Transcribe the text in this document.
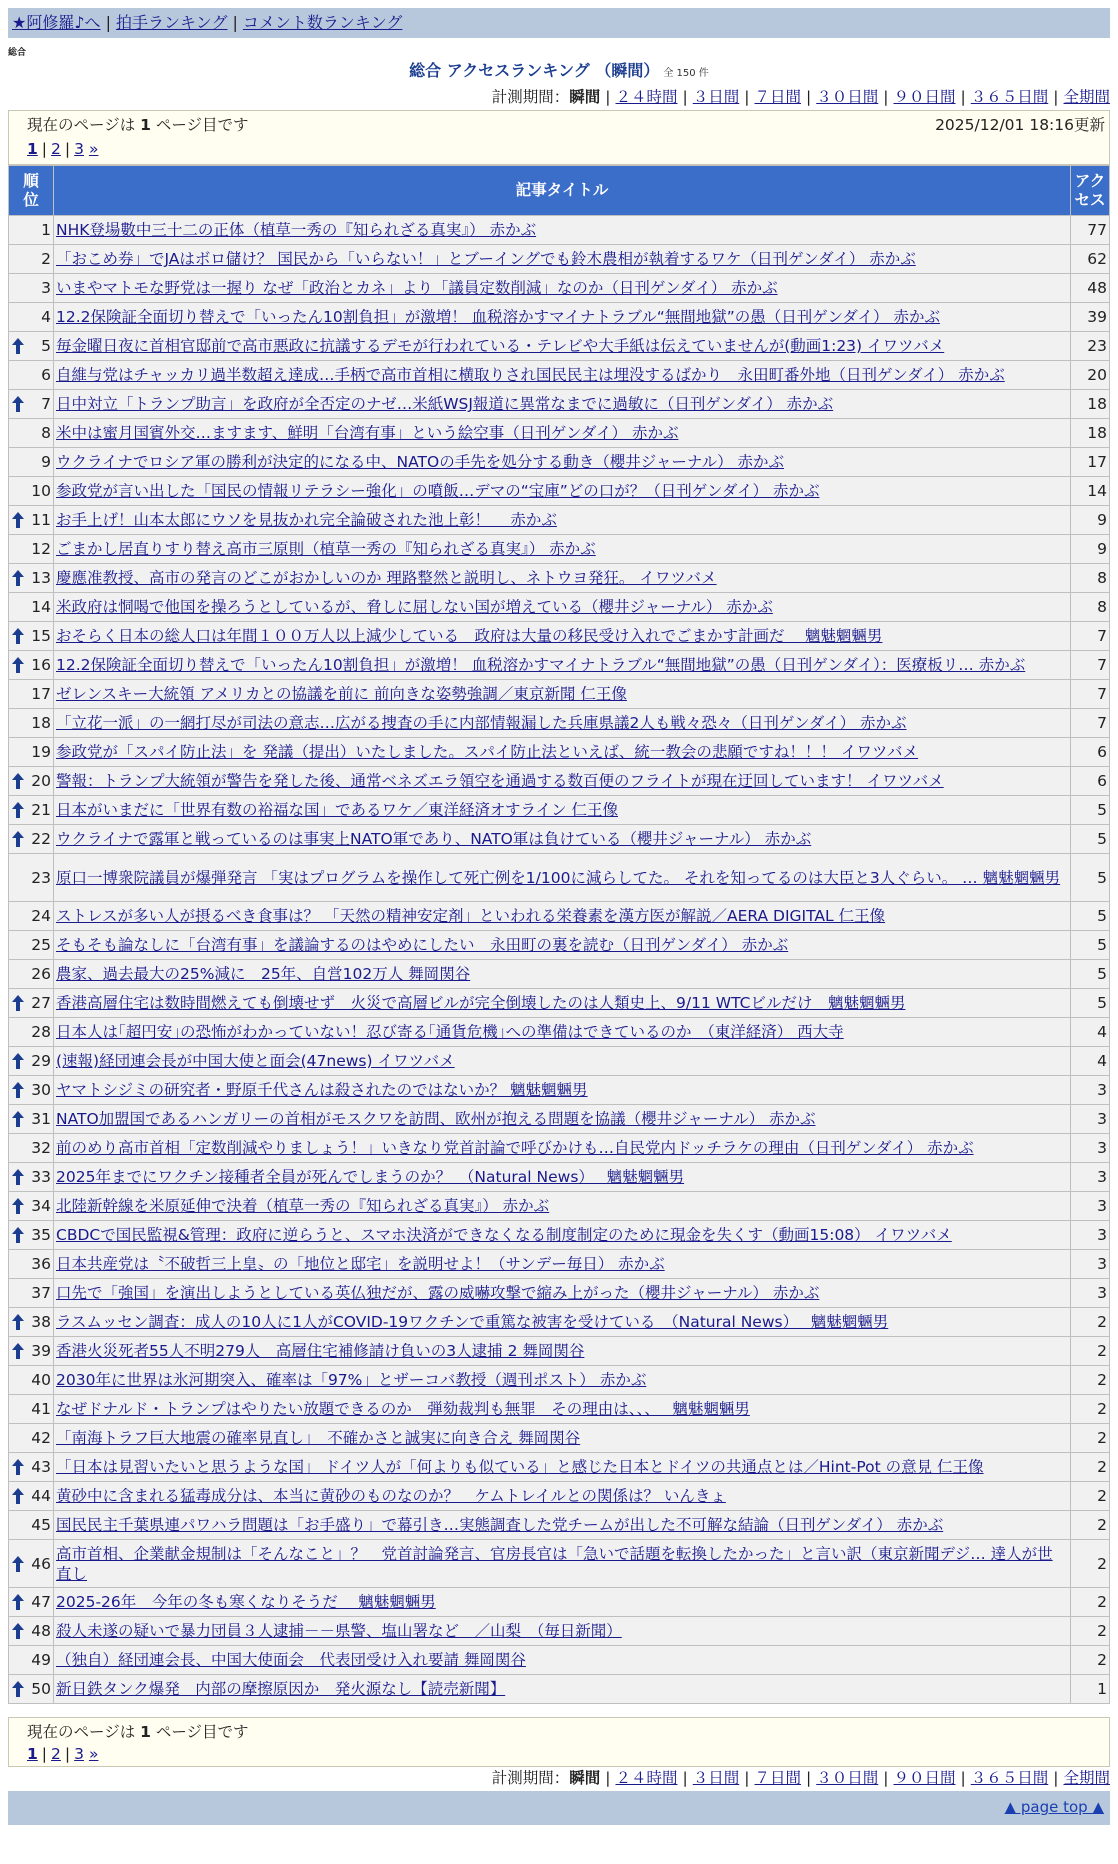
★阿修羅♪へ | 拍手ランキング | コメント数ランキング
総合
総合 アクセスランキング （瞬間） 全 150 件
計測期間：瞬間 | ２４時間 | ３日間 | ７日間 | ３０日間 | ９０日間 | ３６５日間 | 全期間
現在のページは 1 ページ目です	2025/12/01 18:16更新
1 | 2 | 3 »
順
位	記事タイトル	アク
セス
1	NHK登場數中三十二の正体（植草一秀の『知られざる真実』） 赤かぶ	77
2	「おこめ券」でJAはボロ儲け？ 国民から「いらない！」とブーイングでも鈴木農相が執着するワケ（日刊ゲンダイ） 赤かぶ	62
3	いまやマトモな野党は一握り なぜ「政治とカネ」より「議員定数削減」なのか（日刊ゲンダイ） 赤かぶ	48
4	12.2保険証全面切り替えで「いったん10割負担」が激増！ 血税溶かすマイナトラブル“無間地獄”の愚（日刊ゲンダイ） 赤かぶ	39

5	毎金曜日夜に首相官邸前で高市悪政に抗議するデモが行われている・テレビや大手紙は伝えていませんが(動画1:23) イワツバメ	23
6	自維与党はチャッカリ過半数超え達成…手柄で高市首相に横取りされ国民民主は埋没するばかり　永田町番外地（日刊ゲンダイ） 赤かぶ	20

7	日中対立「トランプ助言」を政府が全否定のナゼ…米紙WSJ報道に異常なまでに過敏に（日刊ゲンダイ） 赤かぶ	18
8	米中は蜜月国賓外交…ますます、鮮明「台湾有事」という絵空事（日刊ゲンダイ） 赤かぶ	18
9	ウクライナでロシア軍の勝利が決定的になる中、NATOの手先を処分する動き（櫻井ジャーナル） 赤かぶ	17
10	参政党が言い出した「国民の情報リテラシー強化」の噴飯…デマの“宝庫”どの口が？（日刊ゲンダイ） 赤かぶ	14

11	お手上げ！山本太郎にウソを見抜かれ完全論破された池上彰！　 赤かぶ	9
12	ごまかし居直りすり替え高市三原則（植草一秀の『知られざる真実』） 赤かぶ	9

13	慶應准教授、高市の発言のどこがおかしいのか 理路整然と説明し、ネトウヨ発狂。 イワツバメ	8
14	米政府は恫喝で他国を操ろうとしているが、脅しに屈しない国が増えている（櫻井ジャーナル） 赤かぶ	8

15	おそらく日本の総人口は年間１００万人以上減少している　政府は大量の移民受け入れでごまかす計画だ　 魑魅魍魎男	7

16	12.2保険証全面切り替えで「いったん10割負担」が激増！ 血税溶かすマイナトラブル“無間地獄”の愚（日刊ゲンダイ）：医療板リ… 赤かぶ	7
17	ゼレンスキー大統領 アメリカとの協議を前に 前向きな姿勢強調／東京新聞 仁王像	7
18	「立花一派」の一網打尽が司法の意志…広がる捜査の手に内部情報漏した兵庫県議2人も戦々恐々（日刊ゲンダイ） 赤かぶ	7
19	参政党が「スパイ防止法」を 発議（提出）いたしました。スパイ防止法といえば、統一教会の悲願ですね！！！ イワツバメ	6

20	警報：トランプ大統領が警告を発した後、通常ベネズエラ領空を通過する数百便のフライトが現在迂回しています！ イワツバメ	6

21	日本がいまだに「世界有数の裕福な国」であるワケ／東洋経済オすライン 仁王像	5

22	ウクライナで露軍と戦っているのは事実上NATO軍であり、NATO軍は負けている（櫻井ジャーナル） 赤かぶ	5
23	原口一博衆院議員が爆弾発言 「実はプログラムを操作して死亡例を1/100に減らしてた。 それを知ってるのは大臣と3人ぐらい。 … 魑魅魍魎男	5
24	ストレスが多い人が摂るべき食事は？ 「天然の精神安定剤」といわれる栄養素を漢方医が解説／AERA DIGITAL 仁王像	5
25	そもそも論なしに「台湾有事」を議論するのはやめにしたい　永田町の裏を読む（日刊ゲンダイ） 赤かぶ	5
26	農家、過去最大の25%減に　25年、自営102万人 舞岡関谷	5

27	香港高層住宅は数時間燃えても倒壊せず　火災で高層ビルが完全倒壊したのは人類史上、9/11 WTCビルだけ　魑魅魍魎男	5
28	日本人は｢超円安｣の恐怖がわかっていない！忍び寄る｢通貨危機｣への準備はできているのか　（東洋経済） 西大寺	4

29	(速報)経団連会長が中国大使と面会(47news) イワツバメ	4

30	ヤマトシジミの研究者・野原千代さんは殺されたのではないか？ 魑魅魍魎男	3

31	NATO加盟国であるハンガリーの首相がモスクワを訪問、欧州が抱える問題を協議（櫻井ジャーナル） 赤かぶ	3
32	前のめり高市首相「定数削減やりましょう！」いきなり党首討論で呼びかけも…自民党内ドッチラケの理由（日刊ゲンダイ） 赤かぶ	3

33	2025年までにワクチン接種者全員が死んでしまうのか？　（Natural News）　 魑魅魍魎男	3

34	北陸新幹線を米原延伸で決着（植草一秀の『知られざる真実』） 赤かぶ	3

35	CBDCで国民監視&管理：政府に逆らうと、スマホ決済ができなくなる制度制定のために現金を失くす（動画15:08） イワツバメ	3
36	日本共産党は〝不破哲三上皇〟の「地位と邸宅」を説明せよ！（サンデー毎日） 赤かぶ	3
37	口先で「強国」を演出しようとしている英仏独だが、露の威嚇攻撃で縮み上がった（櫻井ジャーナル） 赤かぶ	3

38	ラスムッセン調査：成人の10人に1人がCOVID-19ワクチンで重篤な被害を受けている　（Natural News）　 魑魅魍魎男	2

39	香港火災死者55人不明279人　高層住宅補修請け負いの3人逮捕 2 舞岡関谷	2
40	2030年に世界は氷河期突入、確率は「97%」とザーコバ教授（週刊ポスト） 赤かぶ	2
41	なぜドナルド・トランプはやりたい放題できるのか　弾劾裁判も無罪　その理由は、、、　 魑魅魍魎男	2
42	「南海トラフ巨大地震の確率見直し」　不確かさと誠実に向き合え 舞岡関谷	2

43	「日本は見習いたいと思うような国」 ドイツ人が「何よりも似ている」と感じた日本とドイツの共通点とは／Hint-Pot の意見 仁王像	2

44	黄砂中に含まれる猛毒成分は、本当に黄砂のものなのか？　ケムトレイルとの関係は？ いんきょ	2
45	国民民主千葉県連パワハラ問題は「お手盛り」で幕引き…実態調査した党チームが出した不可解な結論（日刊ゲンダイ） 赤かぶ	2

46	高市首相、企業献金規制は「そんなこと」？　党首討論発言、官房長官は「急いで話題を転換したかった」と言い訳（東京新聞デジ… 達人が世直し	2

47	2025-26年　今年の冬も寒くなりそうだ　 魑魅魍魎男	2

48	殺人未遂の疑いで暴力団員３人逮捕－－県警、塩山署など　／山梨　（毎日新聞）	2
49	（独自）経団連会長、中国大使面会　代表団受け入れ要請 舞岡関谷	2

50	新日鉄タンク爆発　内部の摩擦原因か　発火源なし【読売新聞】	1
現在のページは 1 ページ目です
1 | 2 | 3 »
計測期間：瞬間 | ２４時間 | ３日間 | ７日間 | ３０日間 | ９０日間 | ３６５日間 | 全期間
▲ page top ▲
